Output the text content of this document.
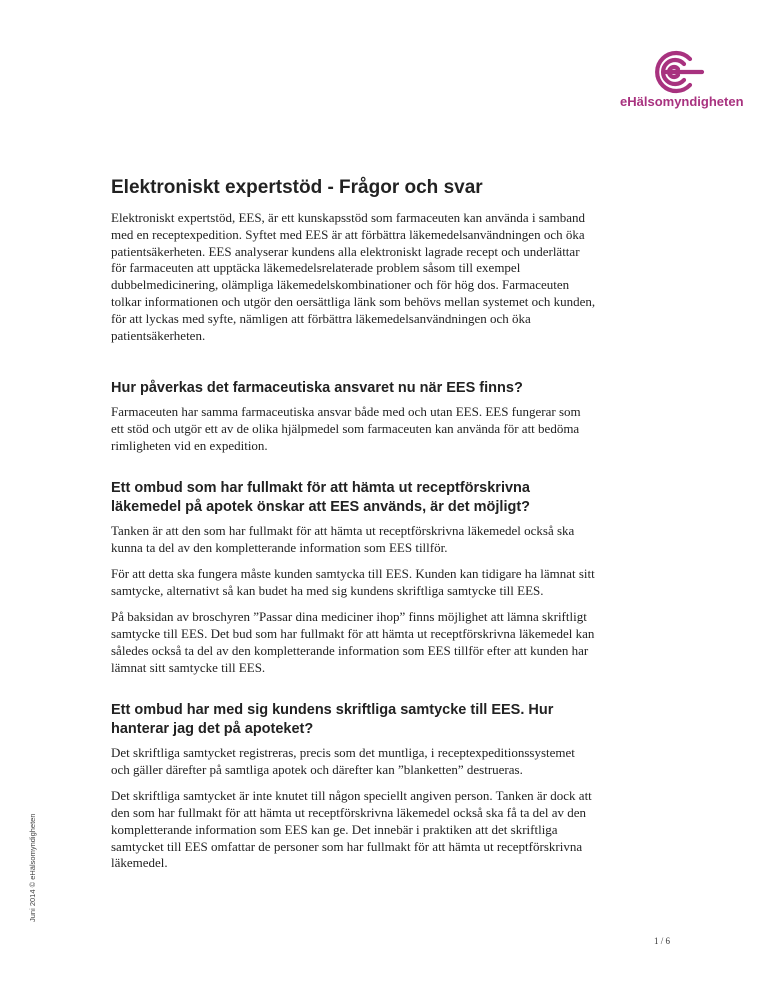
eHälsomyndigheten
Elektroniskt expertstöd - Frågor och svar

Elektroniskt expertstöd, EES, är ett kunskapsstöd som farmaceuten kan använda i samband med en receptexpedition. Syftet med EES är att förbättra läkemedelsanvändningen och öka patientsäkerheten. EES analyserar kundens alla elektroniskt lagrade recept och underlättar för farmaceuten att upptäcka läkemedelsrelaterade problem såsom till exempel dubbelmedicinering, olämpliga läkemedelskombinationer och för hög dos. Farmaceuten tolkar informationen och utgör den oersättliga länk som behövs mellan systemet och kunden, för att lyckas med syfte, nämligen att förbättra läkemedelsanvändningen och öka patientsäkerheten.

Hur påverkas det farmaceutiska ansvaret nu när EES finns?

Farmaceuten har samma farmaceutiska ansvar både med och utan EES. EES fungerar som ett stöd och utgör ett av de olika hjälpmedel som farmaceuten kan använda för att bedöma rimligheten vid en expedition.

Ett ombud som har fullmakt för att hämta ut receptförskrivna läkemedel på apotek önskar att EES används, är det möjligt?

Tanken är att den som har fullmakt för att hämta ut receptförskrivna läkemedel också ska kunna ta del av den kompletterande information som EES tillför.

För att detta ska fungera måste kunden samtycka till EES. Kunden kan tidigare ha lämnat sitt samtycke, alternativt så kan budet ha med sig kundens skriftliga samtycke till EES.

På baksidan av broschyren ”Passar dina mediciner ihop” finns möjlighet att lämna skriftligt samtycke till EES. Det bud som har fullmakt för att hämta ut receptförskrivna läkemedel kan således också ta del av den kompletterande information som EES tillför efter att kunden har lämnat sitt samtycke till EES.

Ett ombud har med sig kundens skriftliga samtycke till EES. Hur hanterar jag det på apoteket?

Det skriftliga samtycket registreras, precis som det muntliga, i receptexpeditionssystemet och gäller därefter på samtliga apotek och därefter kan ”blanketten” destrueras.

Det skriftliga samtycket är inte knutet till någon speciellt angiven person. Tanken är dock att den som har fullmakt för att hämta ut receptförskrivna läkemedel också ska få ta del av den kompletterande information som EES kan ge. Det innebär i praktiken att det skriftliga samtycket till EES omfattar de personer som har fullmakt för att hämta ut receptförskrivna läkemedel.

Juni 2014 © eHälsomyndigheten
1 / 6
